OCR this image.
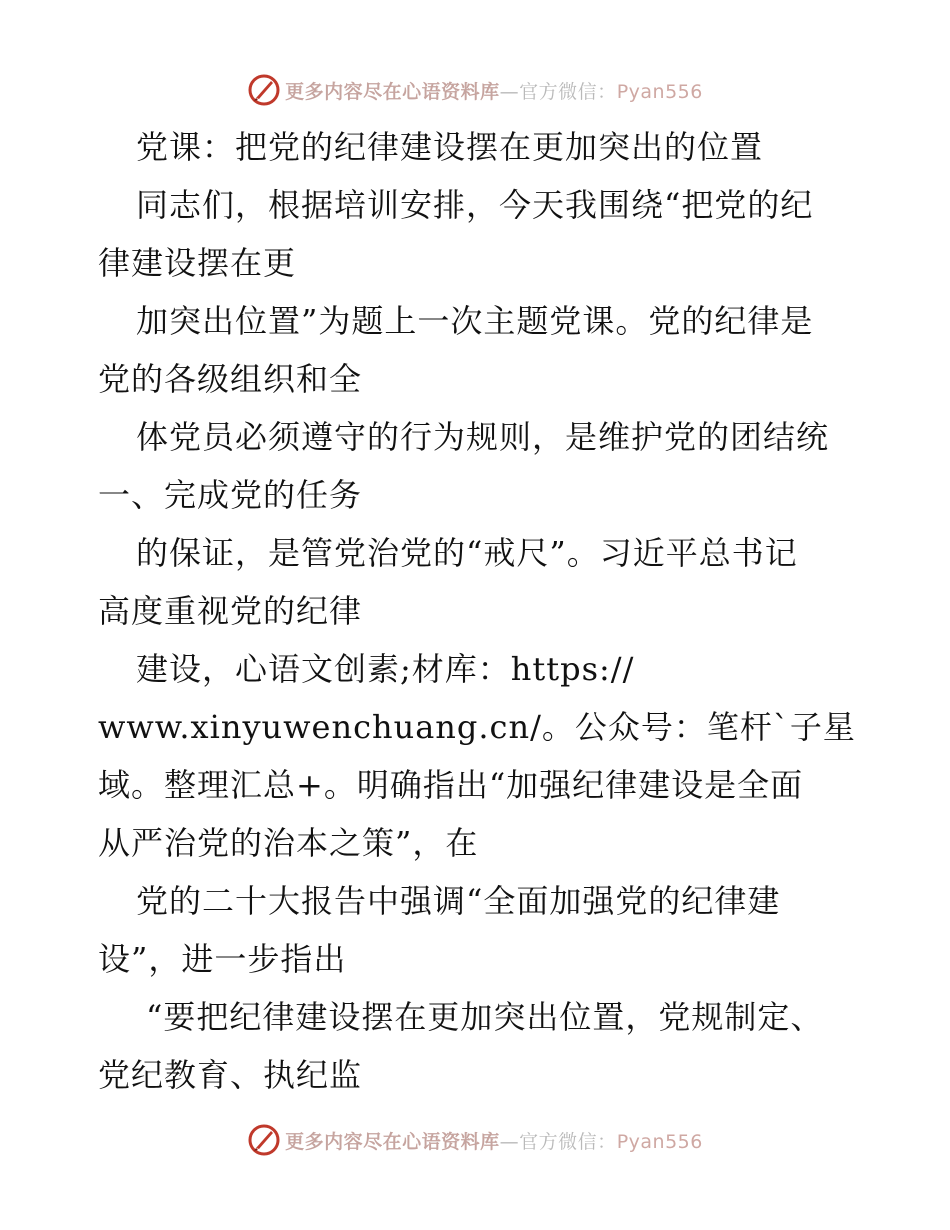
更多内容尽在心语资料库—官方微信：Pyan556
党课：把党的纪律建设摆在更加突出的位置
同志们，根据培训安排，今天我围绕“把党的纪
律建设摆在更
加突出位置”为题上一次主题党课。党的纪律是
党的各级组织和全
体党员必须遵守的行为规则，是维护党的团结统
一、完成党的任务
的保证，是管党治党的“戒尺”。习近平总书记
高度重视党的纪律
建设，心语文创素;材库：https://
www.xinyuwenchuang.cn/。公众号：笔杆`子星
域。整理汇总+。明确指出“加强纪律建设是全面
从严治党的治本之策”，在
党的二十大报告中强调“全面加强党的纪律建
设”，进一步指出
“要把纪律建设摆在更加突出位置，党规制定、
党纪教育、执纪监
更多内容尽在心语资料库—官方微信：Pyan556
